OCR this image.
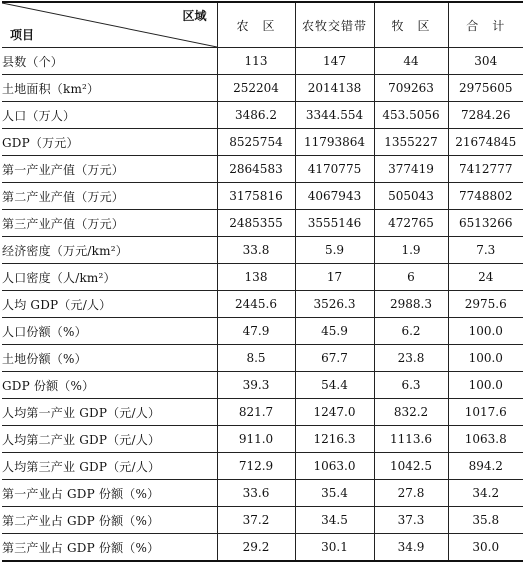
区域
项目	农　区	农牧交错带	牧　区	合　计
县数（个）	113	147	44	304
土地面积（km²）	252204	2014138	709263	2975605
人口（万人）	3486.2	3344.554	453.5056	7284.26
GDP（万元）	8525754	11793864	1355227	21674845
第一产业产值（万元）	2864583	4170775	377419	7412777
第二产业产值（万元）	3175816	4067943	505043	7748802
第三产业产值（万元）	2485355	3555146	472765	6513266
经济密度（万元/km²）	33.8	5.9	1.9	7.3
人口密度（人/km²）	138	17	6	24
人均 GDP（元/人）	2445.6	3526.3	2988.3	2975.6
人口份额（%）	47.9	45.9	6.2	100.0
土地份额（%）	8.5	67.7	23.8	100.0
GDP 份额（%）	39.3	54.4	6.3	100.0
人均第一产业 GDP（元/人）	821.7	1247.0	832.2	1017.6
人均第二产业 GDP（元/人）	911.0	1216.3	1113.6	1063.8
人均第三产业 GDP（元/人）	712.9	1063.0	1042.5	894.2
第一产业占 GDP 份额（%）	33.6	35.4	27.8	34.2
第二产业占 GDP 份额（%）	37.2	34.5	37.3	35.8
第三产业占 GDP 份额（%）	29.2	30.1	34.9	30.0
